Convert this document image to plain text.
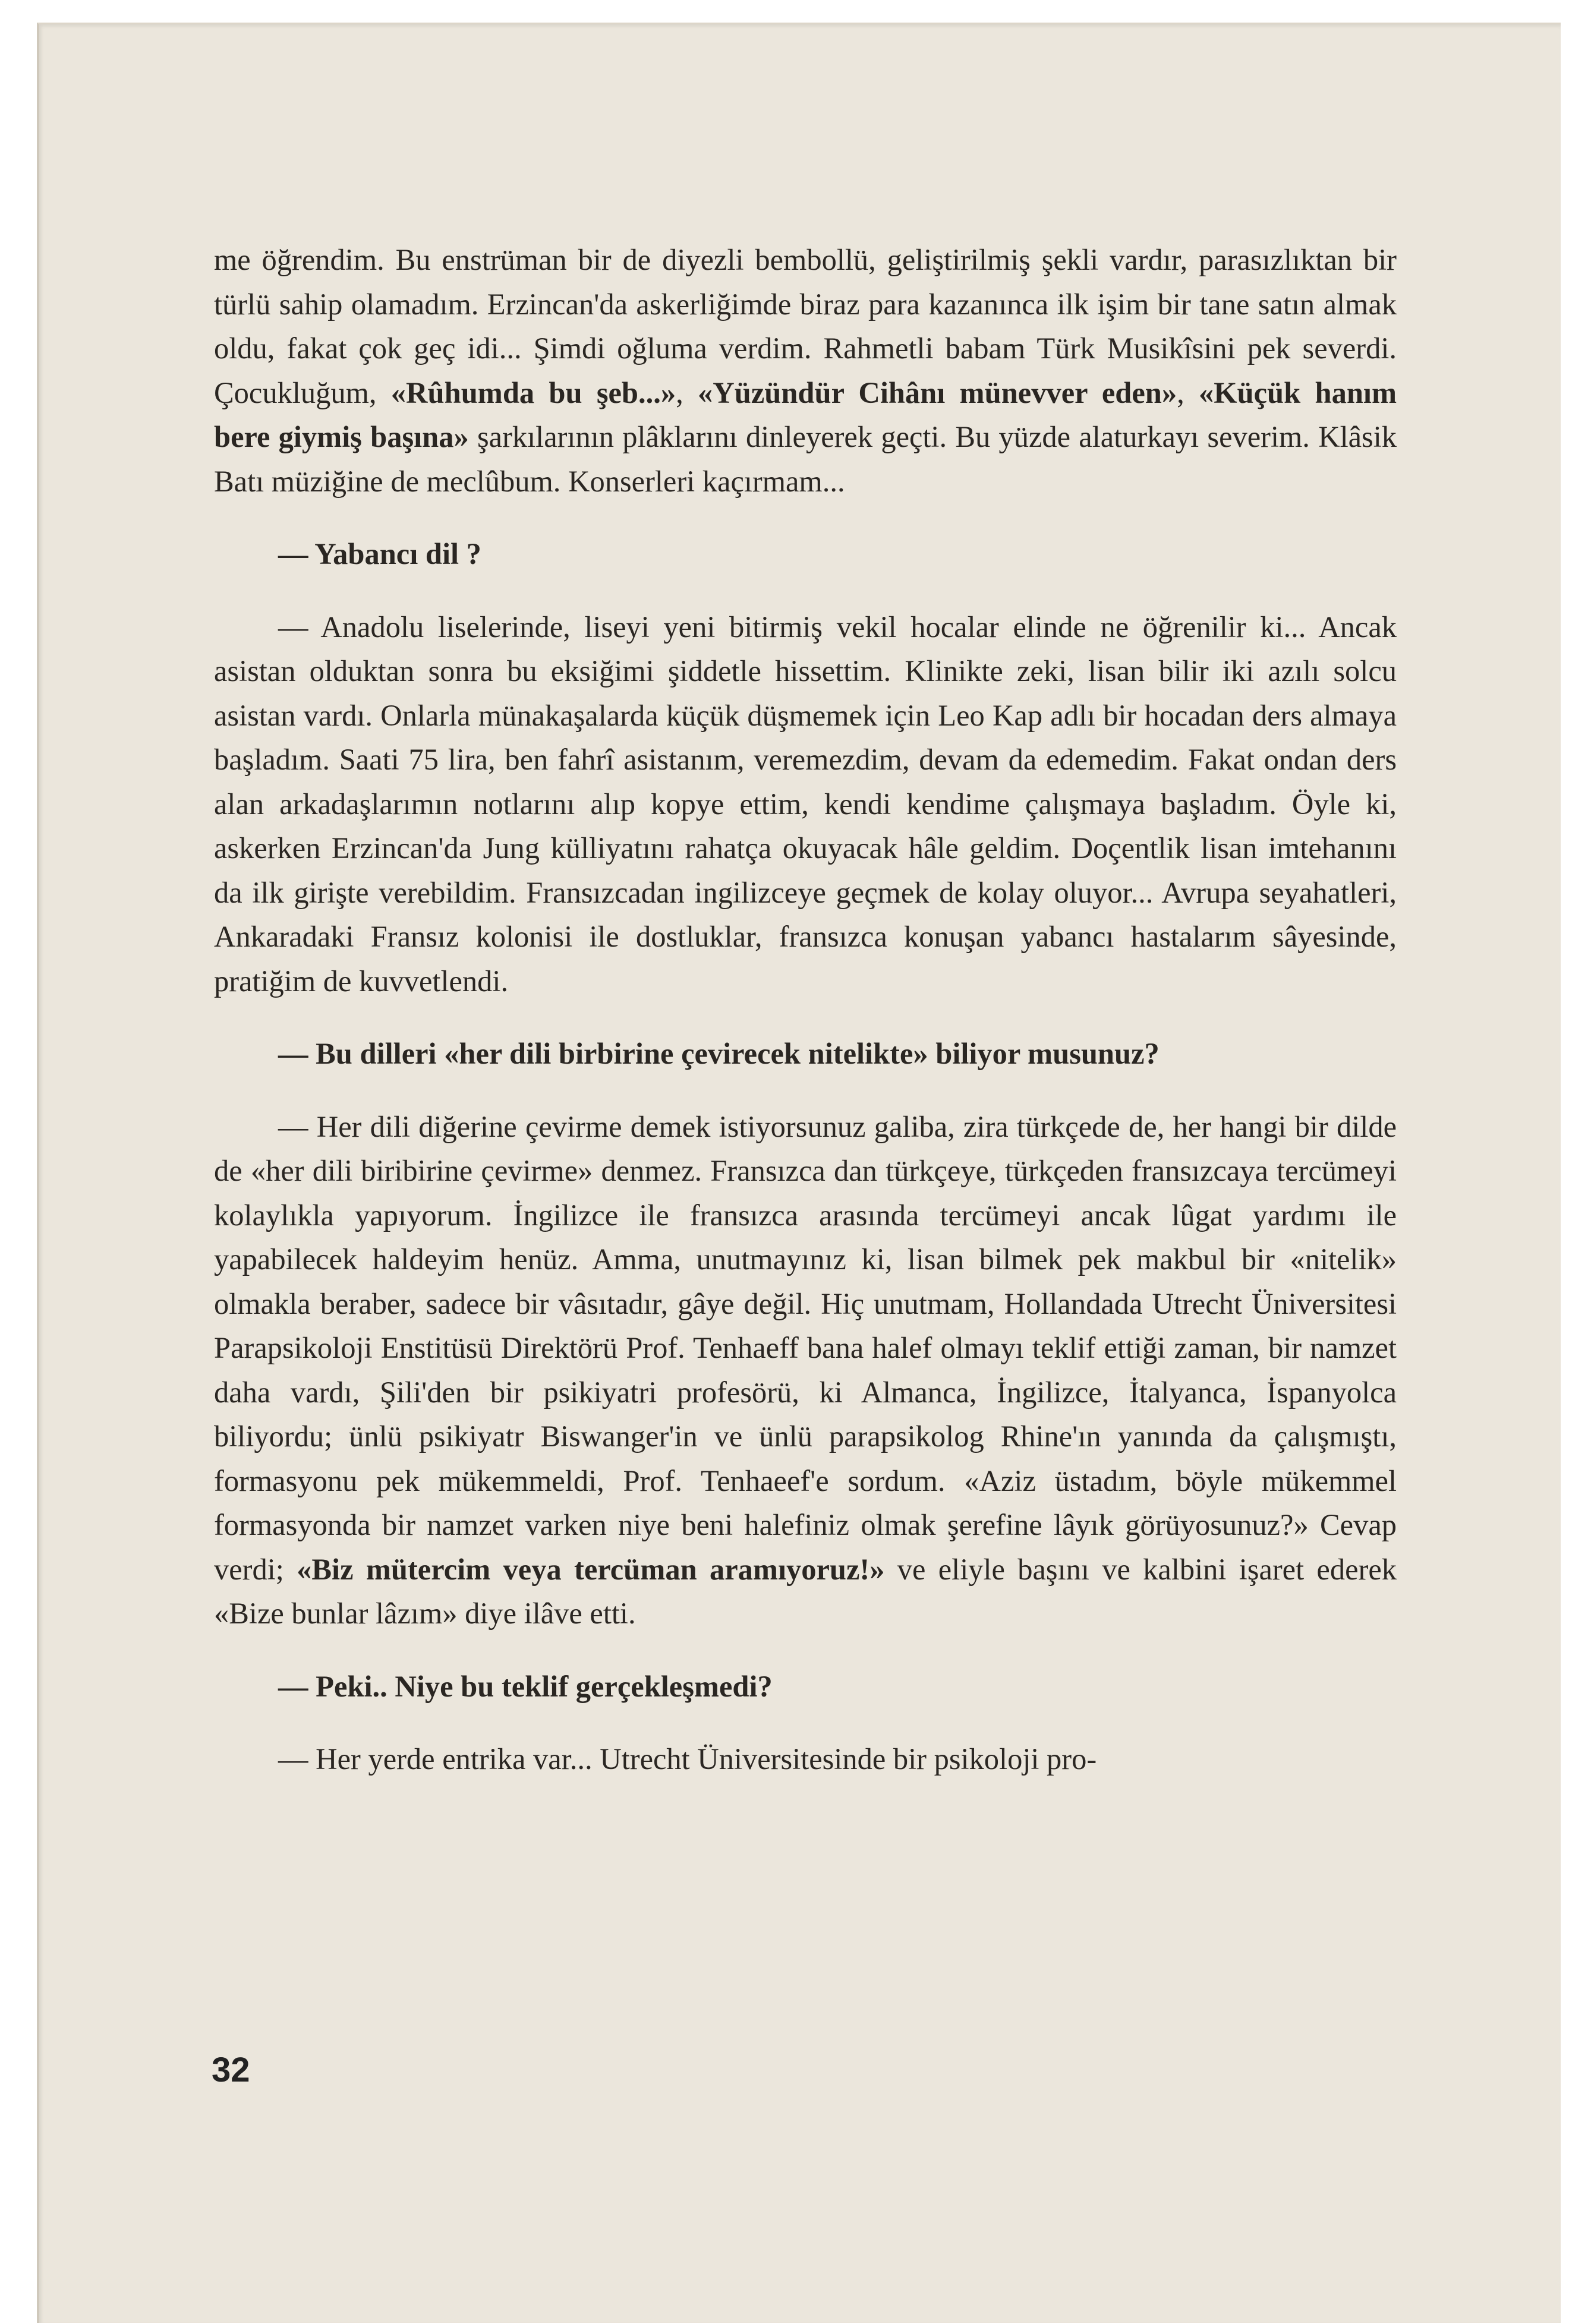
me öğrendim. Bu enstrüman bir de diyezli bembollü, geliştirilmiş şekli vardır, parasızlıktan bir türlü sahip olamadım. Erzincan'da askerliğimde biraz para kazanınca ilk işim bir tane satın almak oldu, fakat çok geç idi... Şimdi oğluma verdim. Rahmetli babam Türk Musikîsini pek severdi. Çocukluğum, «Rûhumda bu şeb...», «Yüzündür Cihânı münevver eden», «Küçük hanım bere giymiş başına» şarkılarının plâklarını dinleyerek geçti. Bu yüzde alaturkayı severim. Klâsik Batı müziğine de meclûbum. Konserleri kaçırmam...

— Yabancı dil ?

— Anadolu liselerinde, liseyi yeni bitirmiş vekil hocalar elinde ne öğrenilir ki... Ancak asistan olduktan sonra bu eksiğimi şiddetle hissettim. Klinikte zeki, lisan bilir iki azılı solcu asistan vardı. Onlarla münakaşalarda küçük düşmemek için Leo Kap adlı bir hocadan ders almaya başladım. Saati 75 lira, ben fahrî asistanım, veremezdim, devam da edemedim. Fakat ondan ders alan arkadaşlarımın notlarını alıp kopye ettim, kendi kendime çalışmaya başladım. Öyle ki, askerken Erzincan'da Jung külliyatını rahatça okuyacak hâle geldim. Doçentlik lisan imtehanını da ilk girişte verebildim. Fransızcadan ingilizceye geçmek de kolay oluyor... Avrupa seyahatleri, Ankaradaki Fransız kolonisi ile dostluklar, fransızca konuşan yabancı hastalarım sâyesinde, pratiğim de kuvvetlendi.

— Bu dilleri «her dili birbirine çevirecek nitelikte» biliyor musunuz?

— Her dili diğerine çevirme demek istiyorsunuz galiba, zira türkçede de, her hangi bir dilde de «her dili biribirine çevirme» denmez. Fransızca dan türkçeye, türkçeden fransızcaya tercümeyi kolaylıkla yapıyorum. İngilizce ile fransızca arasında tercümeyi ancak lûgat yardımı ile yapabilecek haldeyim henüz. Amma, unutmayınız ki, lisan bilmek pek makbul bir «nitelik» olmakla beraber, sadece bir vâsıtadır, gâye değil. Hiç unutmam, Hollandada Utrecht Üniversitesi Parapsikoloji Enstitüsü Direktörü Prof. Tenhaeff bana halef olmayı teklif ettiği zaman, bir namzet daha vardı, Şili'den bir psikiyatri profesörü, ki Almanca, İngilizce, İtalyanca, İspanyolca biliyordu; ünlü psikiyatr Biswanger'in ve ünlü parapsikolog Rhine'ın yanında da çalışmıştı, formasyonu pek mükemmeldi, Prof. Tenhaeef'e sordum. «Aziz üstadım, böyle mükemmel formasyonda bir namzet varken niye beni halefiniz olmak şerefine lâyık görüyosunuz?» Cevap verdi; «Biz mütercim veya tercüman aramıyoruz!» ve eliyle başını ve kalbini işaret ederek «Bize bunlar lâzım» diye ilâve etti.

— Peki.. Niye bu teklif gerçekleşmedi?

— Her yerde entrika var... Utrecht Üniversitesinde bir psikoloji pro-

32
